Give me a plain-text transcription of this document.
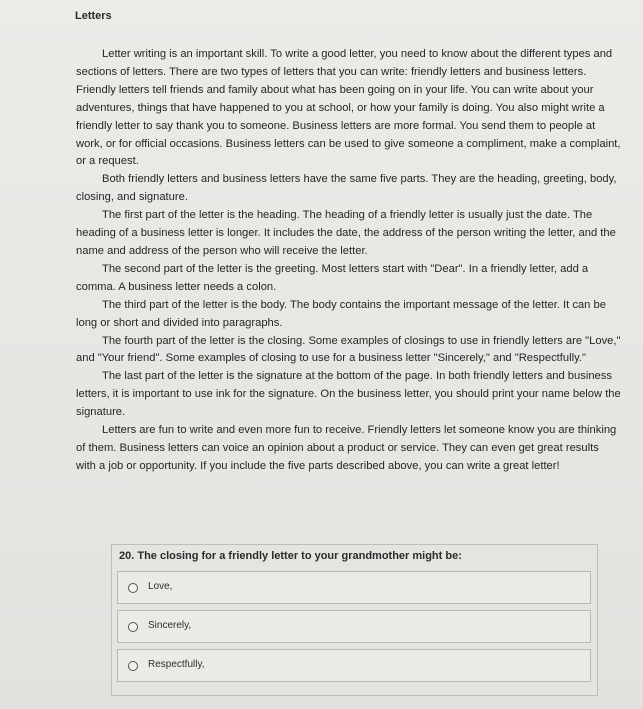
Letters

Letter writing is an important skill. To write a good letter, you need to know about the different types and sections of letters. There are two types of letters that you can write: friendly letters and business letters. Friendly letters tell friends and family about what has been going on in your life. You can write about your adventures, things that have happened to you at school, or how your family is doing. You also might write a friendly letter to say thank you to someone. Business letters are more formal. You send them to people at work, or for official occasions. Business letters can be used to give someone a compliment, make a complaint, or a request.

Both friendly letters and business letters have the same five parts. They are the heading, greeting, body, closing, and signature.

The first part of the letter is the heading. The heading of a friendly letter is usually just the date. The heading of a business letter is longer. It includes the date, the address of the person writing the letter, and the name and address of the person who will receive the letter.

The second part of the letter is the greeting. Most letters start with "Dear". In a friendly letter, add a comma. A business letter needs a colon.

The third part of the letter is the body. The body contains the important message of the letter. It can be long or short and divided into paragraphs.

The fourth part of the letter is the closing. Some examples of closings to use in friendly letters are "Love," and "Your friend". Some examples of closing to use for a business letter "Sincerely," and "Respectfully."

The last part of the letter is the signature at the bottom of the page. In both friendly letters and business letters, it is important to use ink for the signature. On the business letter, you should print your name below the signature.

Letters are fun to write and even more fun to receive. Friendly letters let someone know you are thinking of them. Business letters can voice an opinion about a product or service. They can even get great results with a job or opportunity. If you include the five parts described above, you can write a great letter!

20. The closing for a friendly letter to your grandmother might be:
Love,
Sincerely,
Respectfully,
